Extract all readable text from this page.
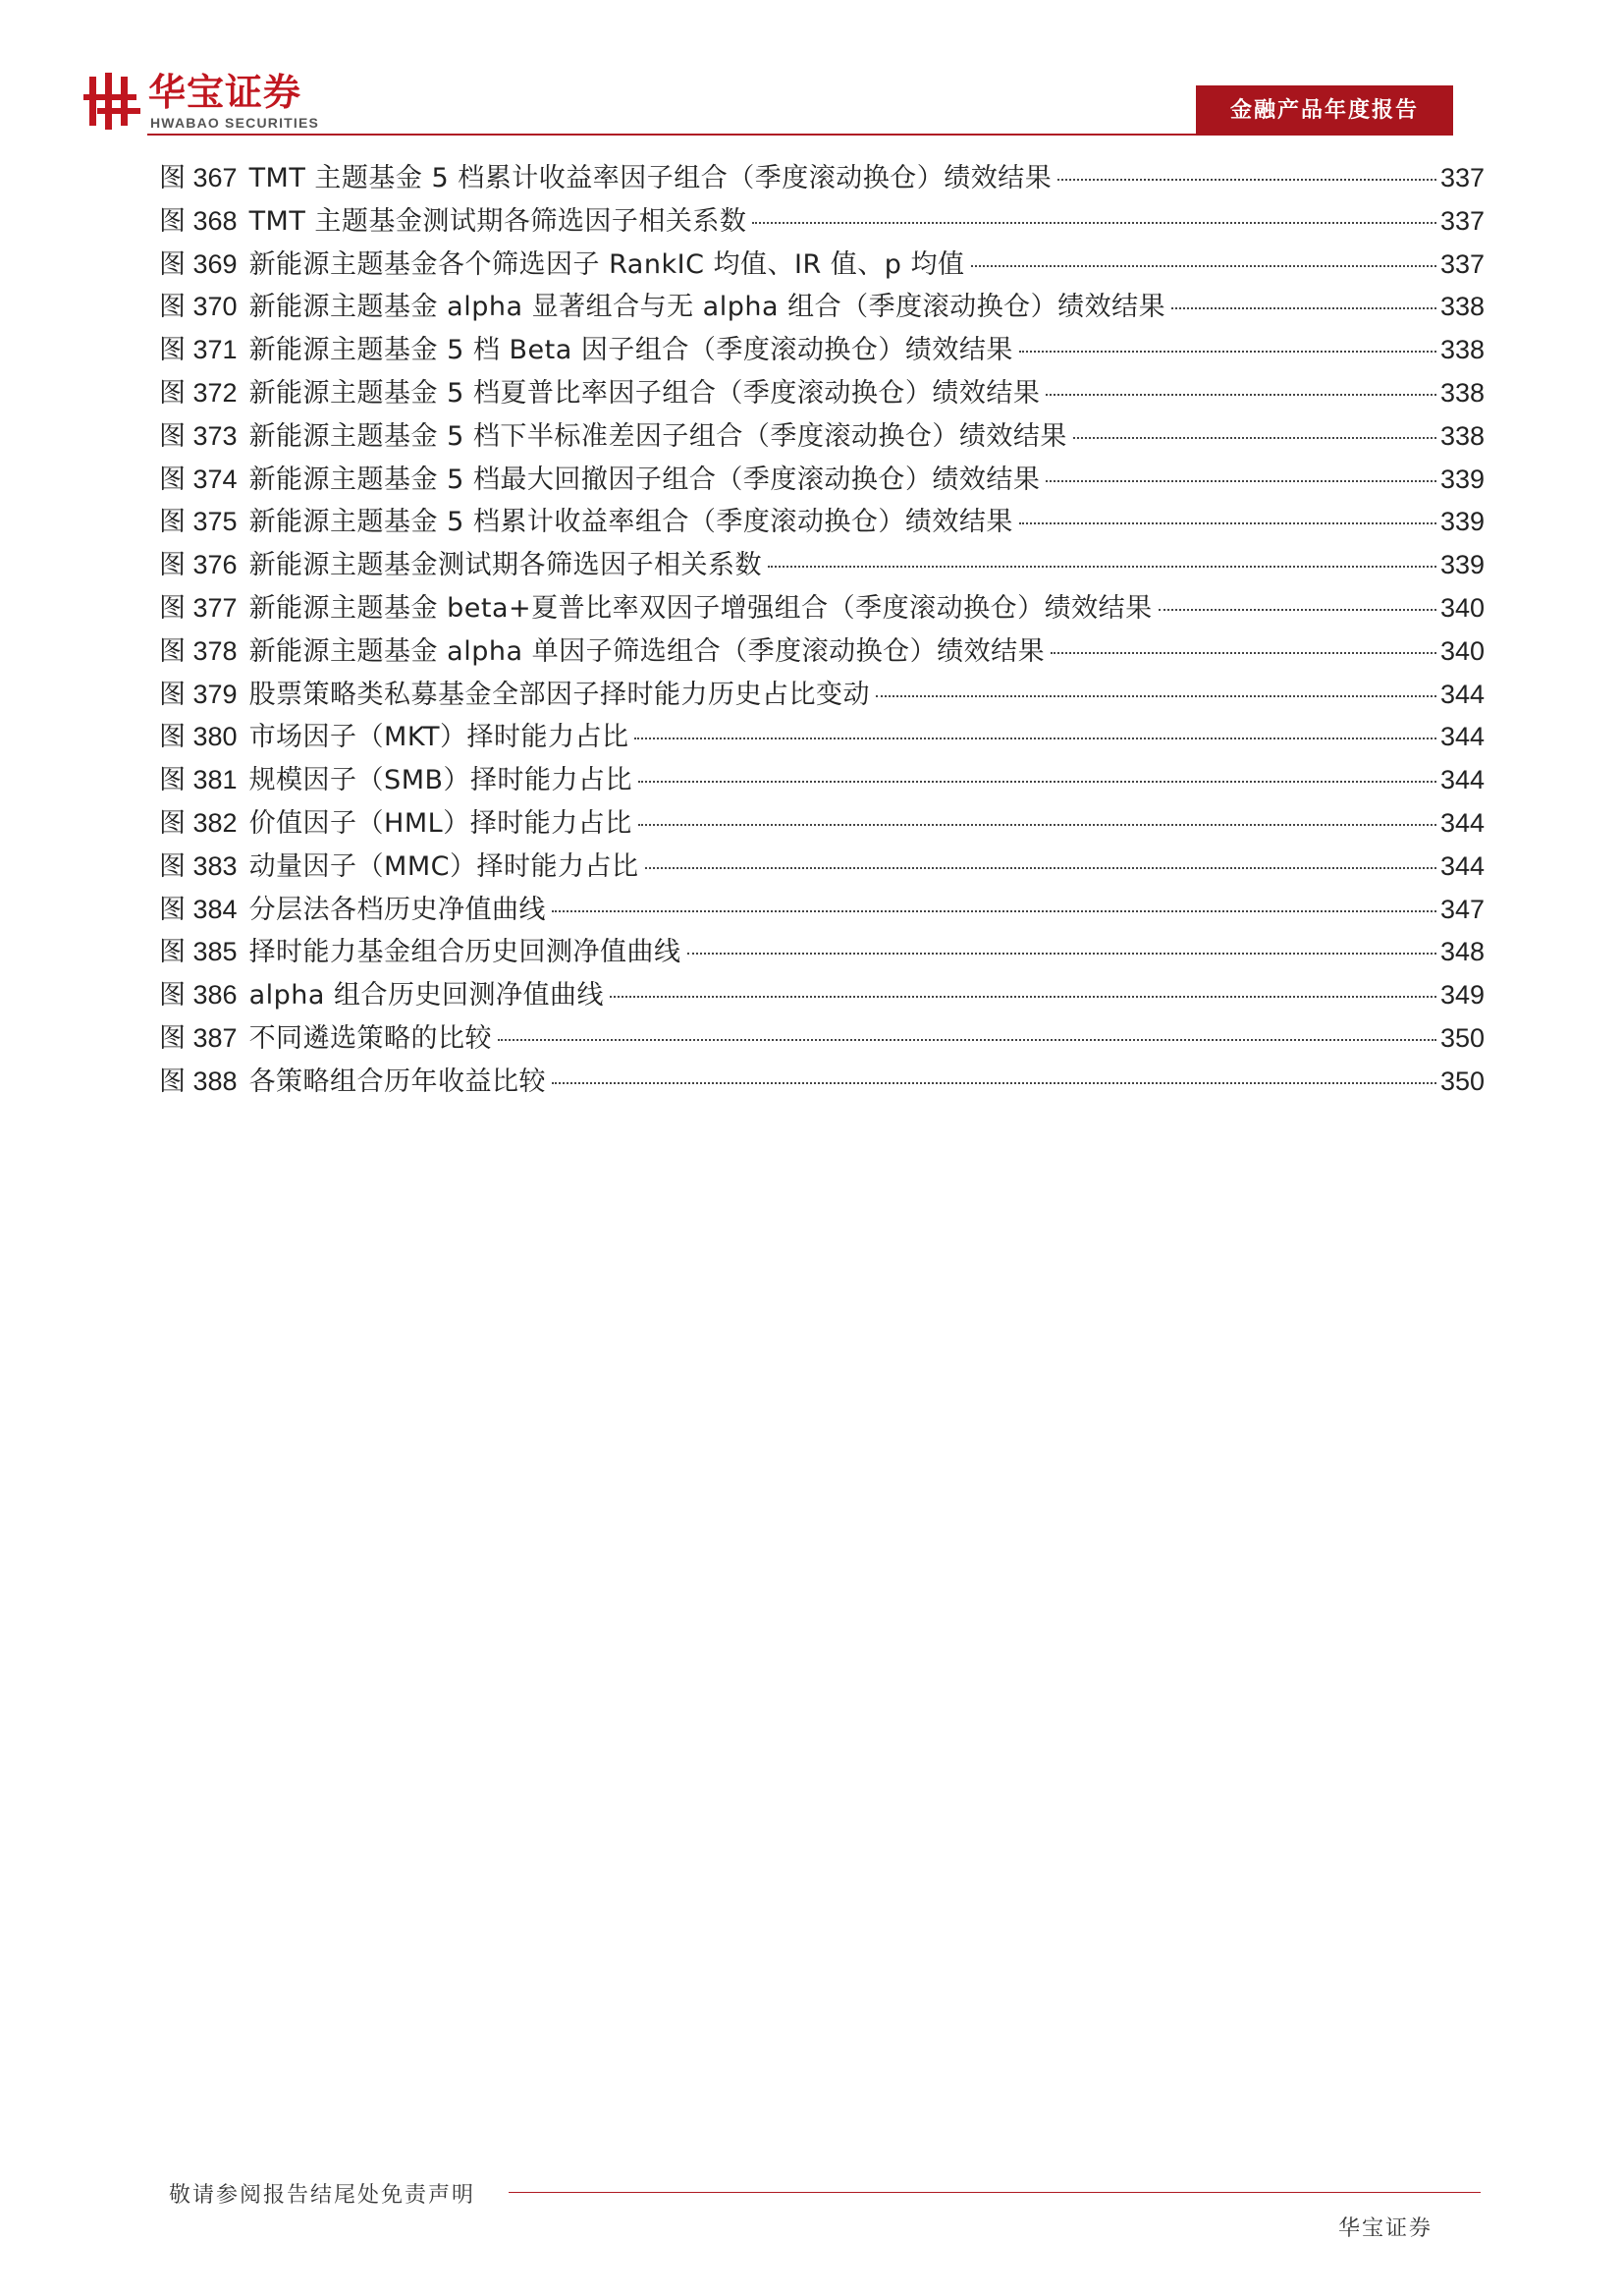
华宝证券
HWABAO SECURITIES	金融产品年度报告
图 367 TMT 主题基金 5 档累计收益率因子组合（季度滚动换仓）绩效结果	337
图 368 TMT 主题基金测试期各筛选因子相关系数	337
图 369 新能源主题基金各个筛选因子 RankIC 均值、IR 值、p 均值	337
图 370 新能源主题基金 alpha 显著组合与无 alpha 组合（季度滚动换仓）绩效结果	338
图 371 新能源主题基金 5 档 Beta 因子组合（季度滚动换仓）绩效结果	338
图 372 新能源主题基金 5 档夏普比率因子组合（季度滚动换仓）绩效结果	338
图 373 新能源主题基金 5 档下半标准差因子组合（季度滚动换仓）绩效结果	338
图 374 新能源主题基金 5 档最大回撤因子组合（季度滚动换仓）绩效结果	339
图 375 新能源主题基金 5 档累计收益率组合（季度滚动换仓）绩效结果	339
图 376 新能源主题基金测试期各筛选因子相关系数	339
图 377 新能源主题基金 beta+夏普比率双因子增强组合（季度滚动换仓）绩效结果	340
图 378 新能源主题基金 alpha 单因子筛选组合（季度滚动换仓）绩效结果	340
图 379 股票策略类私募基金全部因子择时能力历史占比变动	344
图 380 市场因子（MKT）择时能力占比	344
图 381 规模因子（SMB）择时能力占比	344
图 382 价值因子（HML）择时能力占比	344
图 383 动量因子（MMC）择时能力占比	344
图 384 分层法各档历史净值曲线	347
图 385 择时能力基金组合历史回测净值曲线	348
图 386 alpha 组合历史回测净值曲线	349
图 387 不同遴选策略的比较	350
图 388 各策略组合历年收益比较	350
敬请参阅报告结尾处免责声明
华宝证券
